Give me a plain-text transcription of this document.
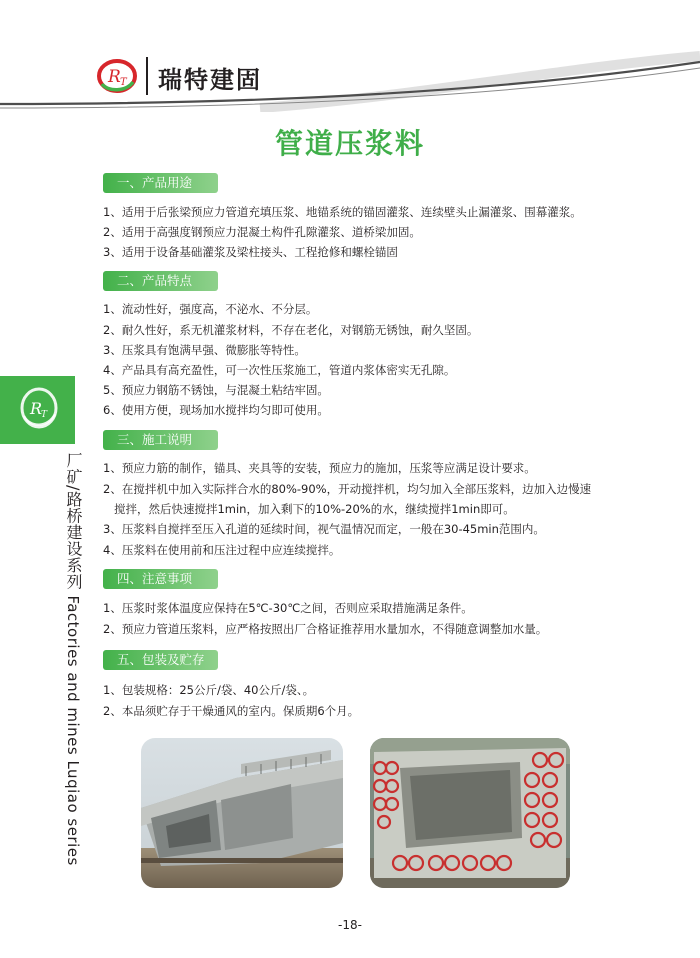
R T 瑞特建固
管道压浆料
R
T
厂矿/路桥建设系列 Factories and mines Luqiao series
一、产品用途
1、适用于后张梁预应力管道充填压浆、地锚系统的锚固灌浆、连续壁头止漏灌浆、围幕灌浆。
2、适用于高强度钢预应力混凝土构件孔隙灌浆、道桥梁加固。
3、适用于设备基础灌浆及梁柱接头、工程抢修和螺栓锚固
二、产品特点
1、流动性好，强度高，不泌水、不分层。
2、耐久性好，系无机灌浆材料，不存在老化，对钢筋无锈蚀，耐久坚固。
3、压浆具有饱满早强、微膨胀等特性。
4、产品具有高充盈性，可一次性压浆施工，管道内浆体密实无孔隙。
5、预应力钢筋不锈蚀，与混凝土粘结牢固。
6、使用方便，现场加水搅拌均匀即可使用。
三、施工说明
1、预应力筋的制作，锚具、夹具等的安装，预应力的施加，压浆等应满足设计要求。
2、在搅拌机中加入实际拌合水的80%-90%，开动搅拌机，均匀加入全部压浆料，边加入边慢速
搅拌，然后快速搅拌1min，加入剩下的10%-20%的水，继续搅拌1min即可。
3、压浆料自搅拌至压入孔道的延续时间，视气温情况而定，一般在30-45min范围内。
4、压浆料在使用前和压注过程中应连续搅拌。
四、注意事项
1、压浆时浆体温度应保持在5℃-30℃之间，否则应采取措施满足条件。
2、预应力管道压浆料，应严格按照出厂合格证推荐用水量加水，不得随意调整加水量。
五、包装及贮存
1、包装规格：25公斤/袋、40公斤/袋、。
2、本品须贮存于干燥通风的室内。保质期6个月。
-18-
